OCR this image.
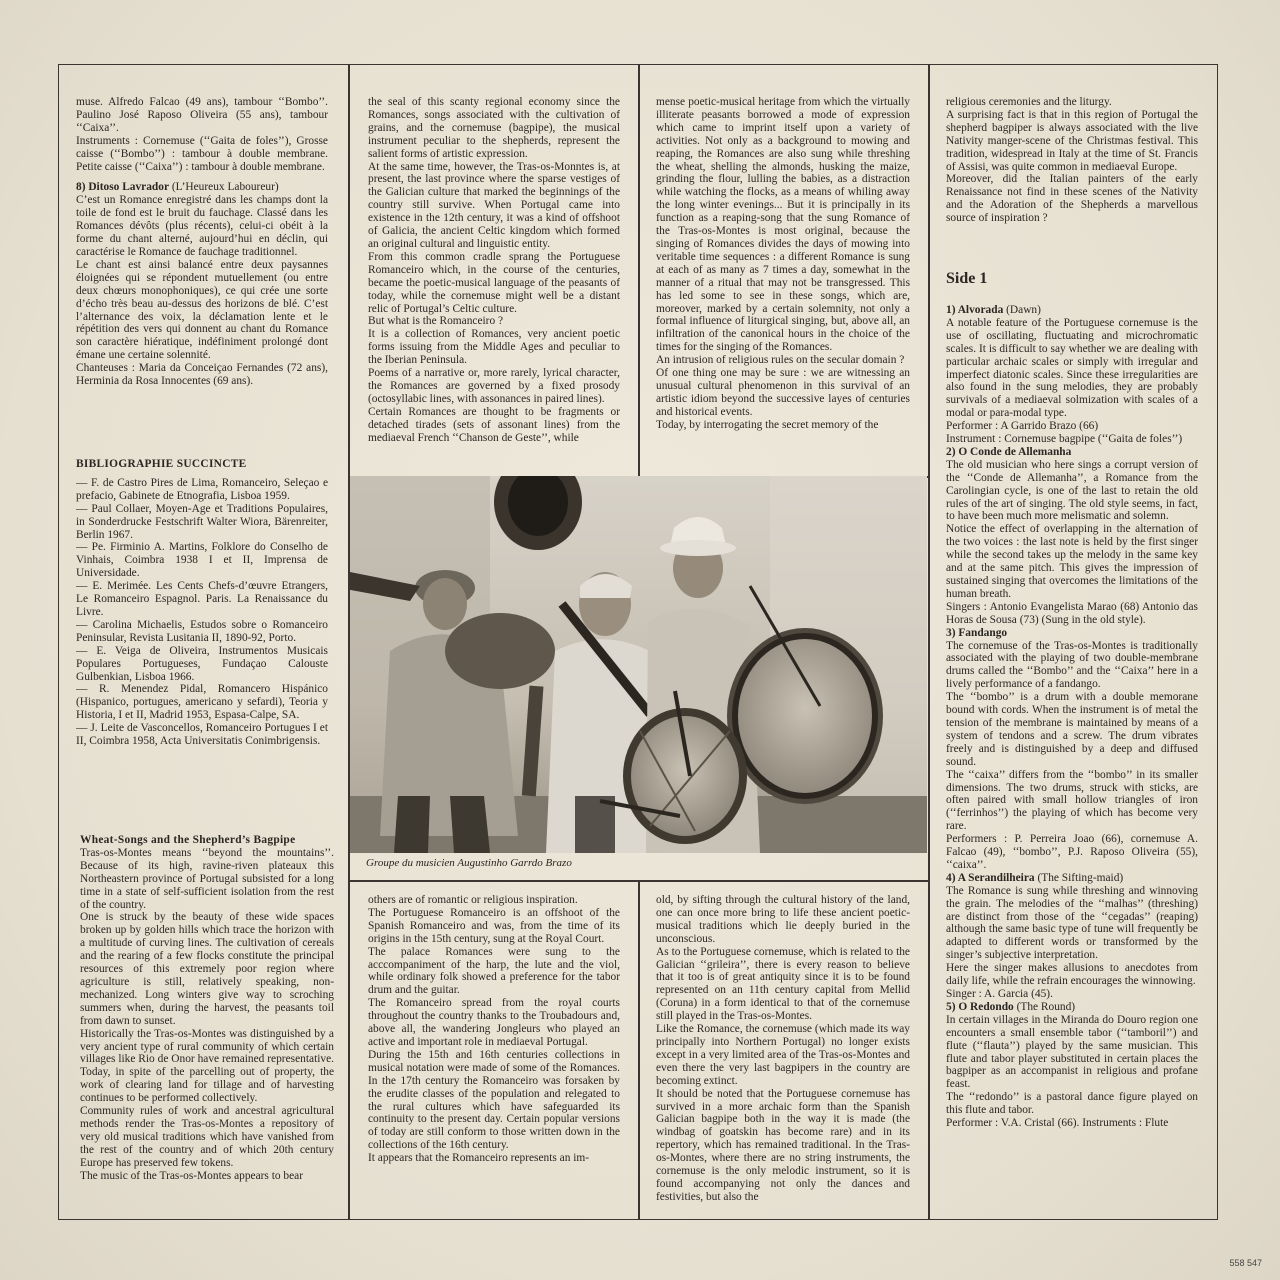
muse. Alfredo Falcao (49 ans), tambour ‘‘Bombo’’. Paulino José Raposo Oliveira (55 ans), tambour ‘‘Caixa’’.

Instruments : Cornemuse (‘‘Gaita de foles’’), Grosse caisse (‘‘Bombo’’) : tambour à double membrane. Petite caisse (‘‘Caixa’’) : tambour à double membrane.

8) Ditoso Lavrador (L’Heureux Laboureur)

C’est un Romance enregistré dans les champs dont la toile de fond est le bruit du fauchage. Classé dans les Romances dévôts (plus récents), celui-ci obéit à la forme du chant alterné, aujourd’hui en déclin, qui caractérise le Romance de fauchage traditionnel.

Le chant est ainsi balancé entre deux paysannes éloignées qui se répondent mutuellement (ou entre deux chœurs monophoniques), ce qui crée une sorte d’écho très beau au-dessus des horizons de blé. C’est l’alternance des voix, la déclamation lente et le répétition des vers qui donnent au chant du Romance son caractère hiératique, indéfiniment prolongé dont émane une certaine solennité.

Chanteuses : Maria da Conceiçao Fernandes (72 ans), Herminia da Rosa Innocentes (69 ans).

BIBLIOGRAPHIE SUCCINCTE

— F. de Castro Pires de Lima, Romanceiro, Seleçao e prefacio, Gabinete de Etnografia, Lisboa 1959.

— Paul Collaer, Moyen-Age et Traditions Populaires, in Sonderdrucke Festschrift Walter Wiora, Bärenreiter, Berlin 1967.

— Pe. Firminio A. Martins, Folklore do Conselho de Vinhais, Coimbra 1938 I et II, Imprensa de Universidade.

— E. Merimée. Les Cents Chefs-d’œuvre Etrangers, Le Romanceiro Espagnol. Paris. La Renaissance du Livre.

— Carolina Michaelis, Estudos sobre o Romanceiro Peninsular, Revista Lusitania II, 1890-92, Porto.

— E. Veiga de Oliveira, Instrumentos Musicais Populares Portugueses, Fundaçao Calouste Gulbenkian, Lisboa 1966.

— R. Menendez Pidal, Romancero Hispánico (Hispanico, portugues, americano y sefardi), Teoria y Historia, I et II, Madrid 1953, Espasa-Calpe, SA.

— J. Leite de Vasconcellos, Romanceiro Portugues I et II, Coimbra 1958, Acta Universitatis Conimbrigensis.

Wheat-Songs and the Shepherd’s Bagpipe

Tras-os-Montes means ‘‘beyond the mountains’’. Because of its high, ravine-riven plateaux this Northeastern province of Portugal subsisted for a long time in a state of self-sufficient isolation from the rest of the country.

One is struck by the beauty of these wide spaces broken up by golden hills which trace the horizon with a multitude of curving lines. The cultivation of cereals and the rearing of a few flocks constitute the principal resources of this extremely poor region where agriculture is still, relatively speaking, non-mechanized. Long winters give way to scroching summers when, during the harvest, the peasants toil from dawn to sunset.

Historically the Tras-os-Montes was distinguished by a very ancient type of rural community of which certain villages like Rio de Onor have remained representative. Today, in spite of the parcelling out of property, the work of clearing land for tillage and of harvesting continues to be performed collectively.

Community rules of work and ancestral agricultural methods render the Tras-os-Montes a repository of very old musical traditions which have vanished from the rest of the country and of which 20th century Europe has preserved few tokens.

The music of the Tras-os-Montes appears to bear

the seal of this scanty regional economy since the Romances, songs associated with the cultivation of grains, and the cornemuse (bagpipe), the musical instrument peculiar to the shepherds, represent the salient forms of artistic expression.

At the same time, however, the Tras-os-Monntes is, at present, the last province where the sparse vestiges of the Galician culture that marked the beginnings of the country still survive. When Portugal came into existence in the 12th century, it was a kind of offshoot of Galicia, the ancient Celtic kingdom which formed an original cultural and linguistic entity.

From this common cradle sprang the Portuguese Romanceiro which, in the course of the centuries, became the poetic-musical language of the peasants of today, while the cornemuse might well be a distant relic of Portugal’s Celtic culture.

But what is the Romanceiro ?

It is a collection of Romances, very ancient poetic forms issuing from the Middle Ages and peculiar to the Iberian Peninsula.

Poems of a narrative or, more rarely, lyrical character, the Romances are governed by a fixed prosody (octosyllabic lines, with assonances in paired lines).

Certain Romances are thought to be fragments or detached tirades (sets of assonant lines) from the mediaeval French ‘‘Chanson de Geste’’, while

mense poetic-musical heritage from which the virtually illiterate peasants borrowed a mode of expression which came to imprint itself upon a variety of activities. Not only as a background to mowing and reaping, the Romances are also sung while threshing the wheat, shelling the almonds, husking the maize, grinding the flour, lulling the babies, as a distraction while watching the flocks, as a means of whiling away the long winter evenings... But it is principally in its function as a reaping-song that the sung Romance of the Tras-os-Montes is most original, because the singing of Romances divides the days of mowing into veritable time sequences : a different Romance is sung at each of as many as 7 times a day, somewhat in the manner of a ritual that may not be transgressed. This has led some to see in these songs, which are, moreover, marked by a certain solemnity, not only a formal influence of liturgical singing, but, above all, an infiltration of the canonical hours in the choice of the times for the singing of the Romances.

An intrusion of religious rules on the secular domain ?

Of one thing one may be sure : we are witnessing an unusual cultural phenomenon in this survival of an artistic idiom beyond the successive layes of centuries and historical events.

Today, by interrogating the secret memory of the

Groupe du musicien Augustinho Garrdo Brazo

others are of romantic or religious inspiration.

The Portuguese Romanceiro is an offshoot of the Spanish Romanceiro and was, from the time of its origins in the 15th century, sung at the Royal Court.

The palace Romances were sung to the acccompaniment of the harp, the lute and the viol, while ordinary folk showed a preference for the tabor drum and the guitar.

The Romanceiro spread from the royal courts throughout the country thanks to the Troubadours and, above all, the wandering Jongleurs who played an active and important role in mediaeval Portugal.

During the 15th and 16th centuries collections in musical notation were made of some of the Romances. In the 17th century the Romanceiro was forsaken by the erudite classes of the population and relegated to the rural cultures which have safeguarded its continuity to the present day. Certain popular versions of today are still conform to those written down in the collections of the 16th century.

It appears that the Romanceiro represents an im-

old, by sifting through the cultural history of the land, one can once more bring to life these ancient poetic-musical traditions which lie deeply buried in the unconscious.

As to the Portuguese cornemuse, which is related to the Galician ‘‘grileira’’, there is every reason to believe that it too is of great antiquity since it is to be found represented on an 11th century capital from Mellid (Coruna) in a form identical to that of the cornemuse still played in the Tras-os-Montes.

Like the Romance, the cornemuse (which made its way principally into Northern Portugal) no longer exists except in a very limited area of the Tras-os-Montes and even there the very last bagpipers in the country are becoming extinct.

It should be noted that the Portuguese cornemuse has survived in a more archaic form than the Spanish Galician bagpipe both in the way it is made (the windbag of goatskin has become rare) and in its repertory, which has remained traditional. In the Tras-os-Montes, where there are no string instruments, the cornemuse is the only melodic instrument, so it is found accompanying not only the dances and festivities, but also the

religious ceremonies and the liturgy.

A surprising fact is that in this region of Portugal the shepherd bagpiper is always associated with the live Nativity manger-scene of the Christmas festival. This tradition, widespread in Italy at the time of St. Francis of Assisi, was quite common in mediaeval Europe.

Moreover, did the Italian painters of the early Renaissance not find in these scenes of the Nativity and the Adoration of the Shepherds a marvellous source of inspiration ?

Side 1

1) Alvorada (Dawn)

A notable feature of the Portuguese cornemuse is the use of oscillating, fluctuating and microchromatic scales. It is difficult to say whether we are dealing with particular archaic scales or simply with irregular and imperfect diatonic scales. Since these irregularities are also found in the sung melodies, they are probably survivals of a mediaeval solmization with scales of a modal or para-modal type.

Performer : A Garrido Brazo (66)

Instrument : Cornemuse bagpipe (‘‘Gaita de foles’’)

2) O Conde de Allemanha

The old musician who here sings a corrupt version of the ‘‘Conde de Allemanha’’, a Romance from the Carolingian cycle, is one of the last to retain the old rules of the art of singing. The old style seems, in fact, to have been much more melismatic and solemn.

Notice the effect of overlapping in the alternation of the two voices : the last note is held by the first singer while the second takes up the melody in the same key and at the same pitch. This gives the impression of sustained singing that overcomes the limitations of the human breath.

Singers : Antonio Evangelista Marao (68) Antonio das Horas de Sousa (73) (Sung in the old style).

3) Fandango

The cornemuse of the Tras-os-Montes is traditionally associated with the playing of two double-membrane drums called the ‘‘Bombo’’ and the ‘‘Caixa’’ here in a lively performance of a fandango.

The ‘‘bombo’’ is a drum with a double memorane bound with cords. When the instrument is of metal the tension of the membrane is maintained by means of a system of tendons and a screw. The drum vibrates freely and is distinguished by a deep and diffused sound.

The ‘‘caixa’’ differs from the ‘‘bombo’’ in its smaller dimensions. The two drums, struck with sticks, are often paired with small hollow triangles of iron (‘‘ferrinhos’’) the playing of which has become very rare.

Performers : P. Perreira Joao (66), cornemuse A. Falcao (49), ‘‘bombo’’, P.J. Raposo Oliveira (55), ‘‘caixa’’.

4) A Serandilheira (The Sifting-maid)

The Romance is sung while threshing and winnoving the grain. The melodies of the ‘‘malhas’’ (threshing) are distinct from those of the ‘‘cegadas’’ (reaping) although the same basic type of tune will frequently be adapted to different words or transformed by the singer’s subjective interpretation.

Here the singer makes allusions to anecdotes from daily life, while the refrain encourages the winnowing.

Singer : A. Garcia (45).

5) O Redondo (The Round)

In certain villages in the Miranda do Douro region one encounters a small ensemble tabor (‘‘tamboril’’) and flute (‘‘flauta’’) played by the same musician. This flute and tabor player substituted in certain places the bagpiper as an accompanist in religious and profane feast.

The ‘‘redondo’’ is a pastoral dance figure played on this flute and tabor.

Performer : V.A. Cristal (66). Instruments : Flute

558 547
